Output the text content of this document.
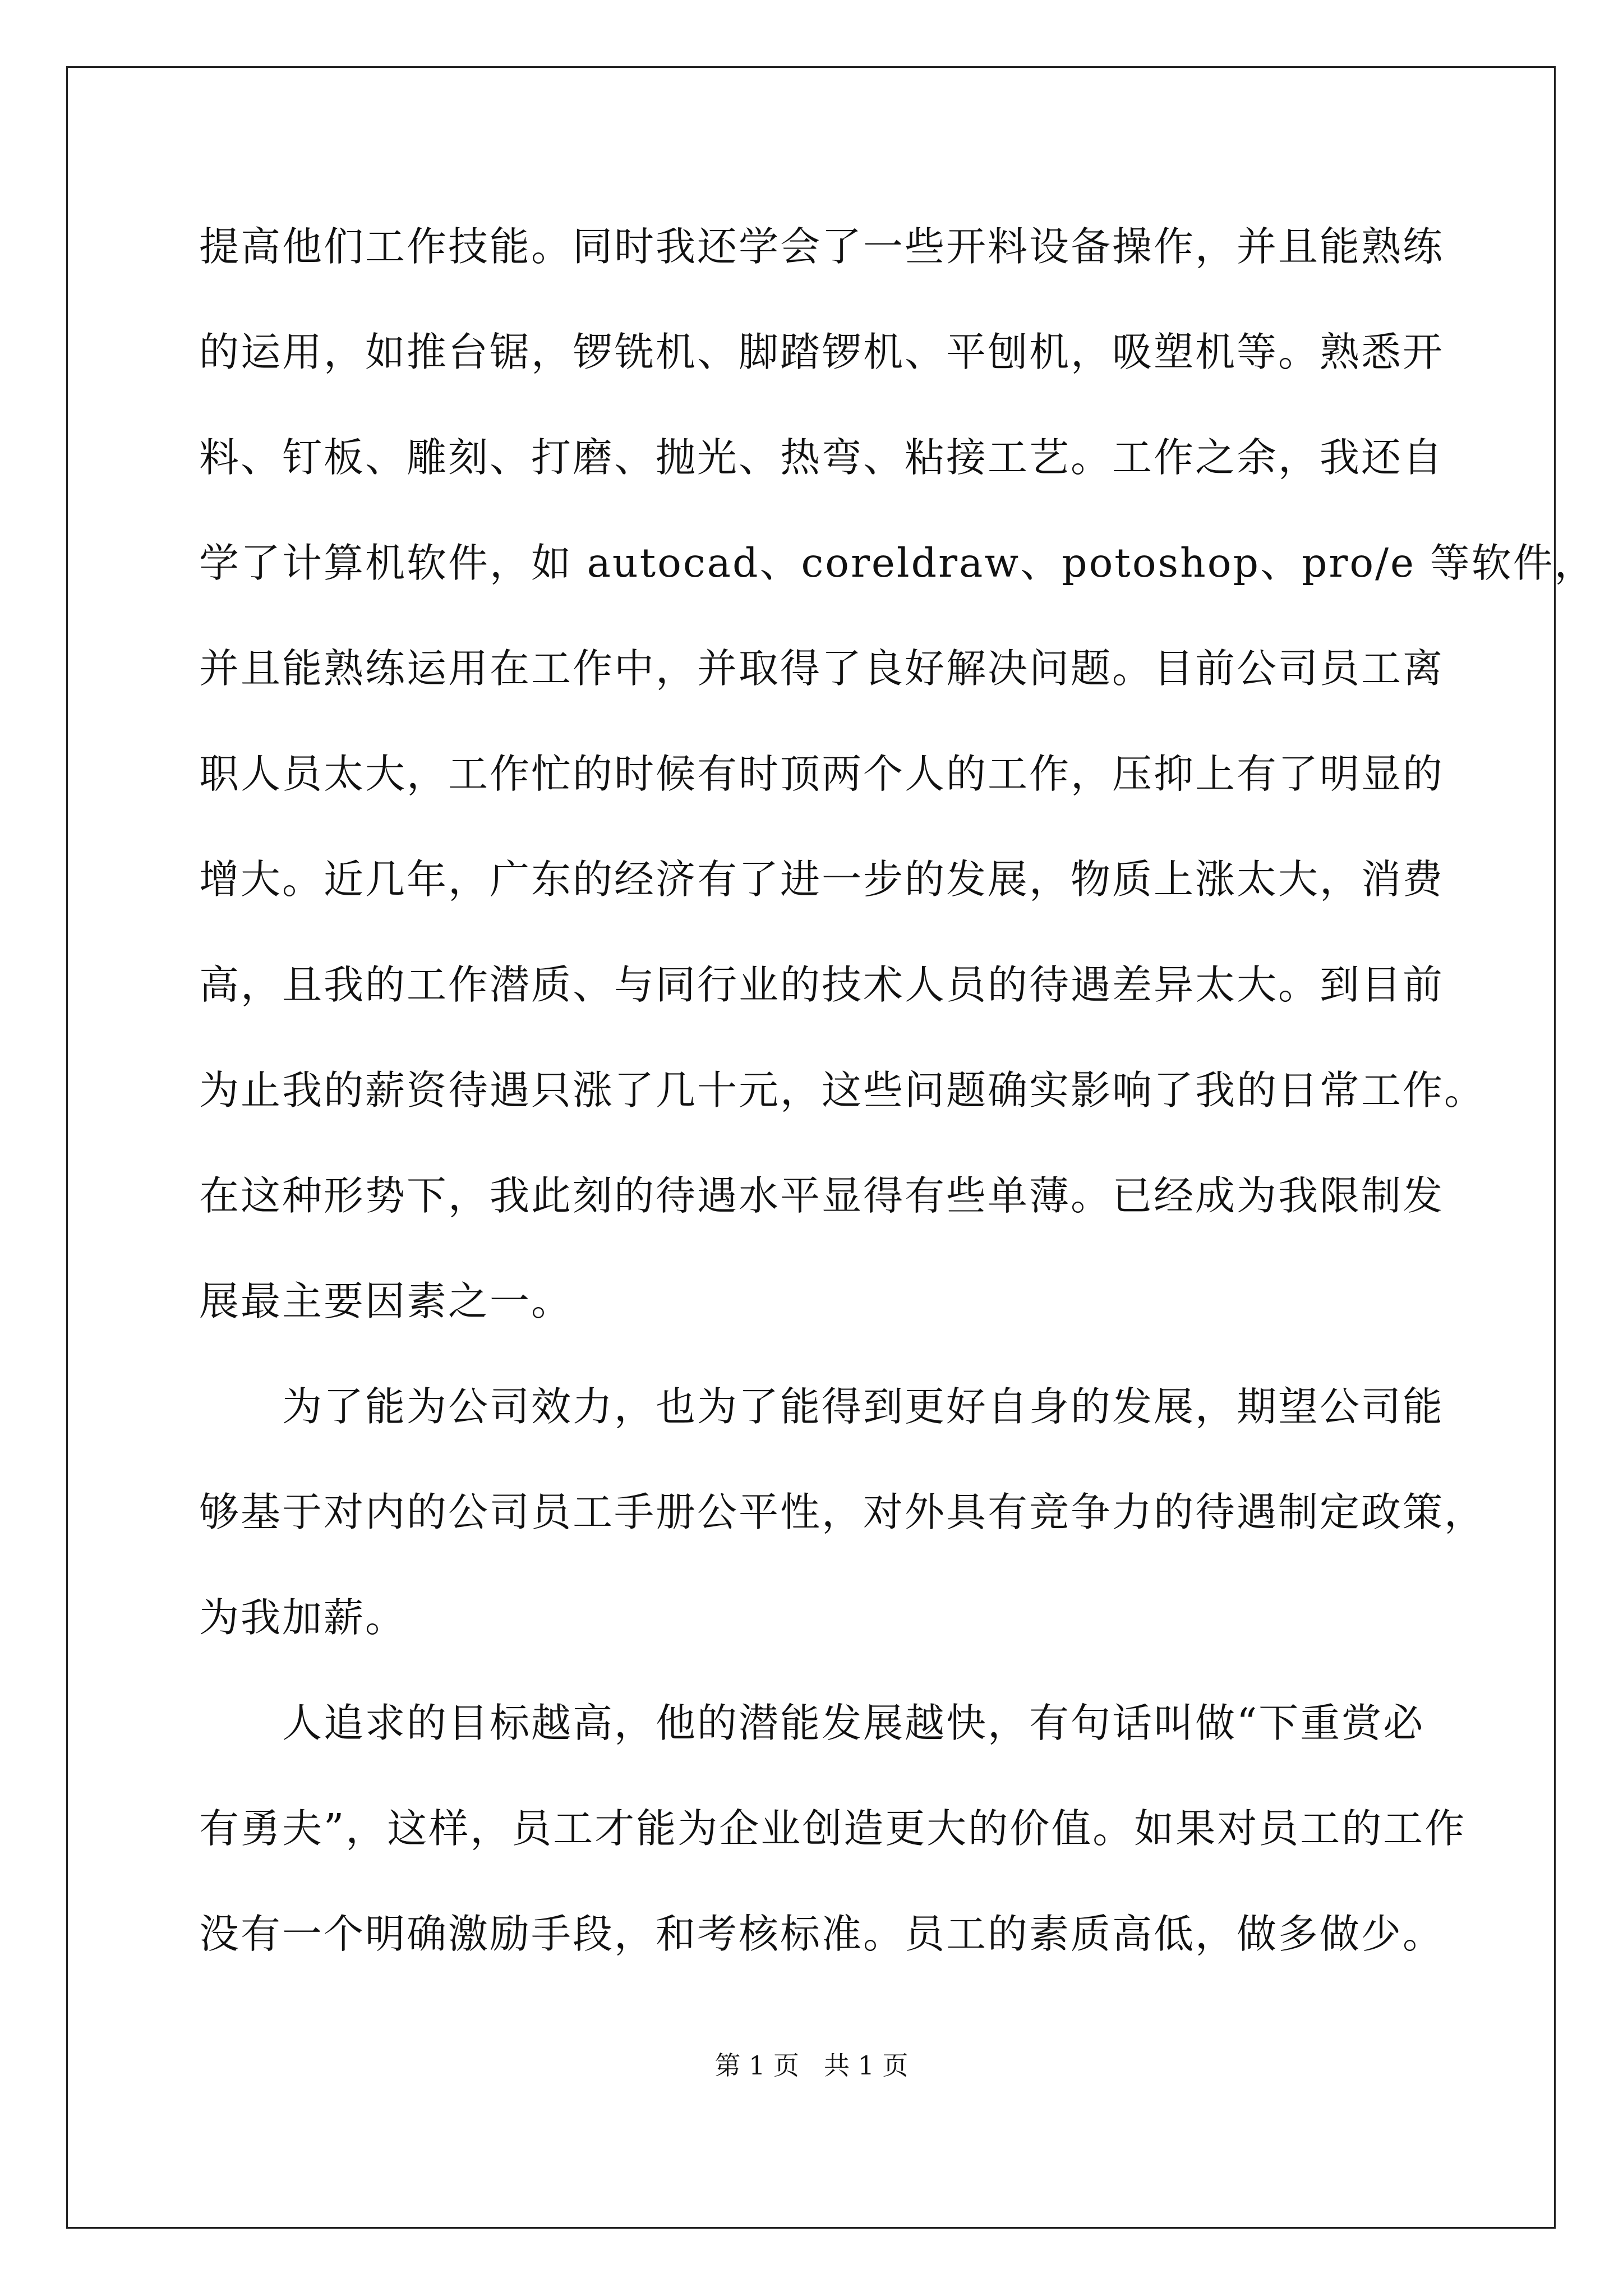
提高他们工作技能。同时我还学会了一些开料设备操作，并且能熟练
的运用，如推台锯，锣铣机、脚踏锣机、平刨机，吸塑机等。熟悉开
料、钉板、雕刻、打磨、抛光、热弯、粘接工艺。工作之余，我还自
学了计算机软件，如 autocad、coreldraw、potoshop、pro/e 等软件，
并且能熟练运用在工作中，并取得了良好解决问题。目前公司员工离
职人员太大，工作忙的时候有时顶两个人的工作，压抑上有了明显的
增大。近几年，广东的经济有了进一步的发展，物质上涨太大，消费
高，且我的工作潜质、与同行业的技术人员的待遇差异太大。到目前
为止我的薪资待遇只涨了几十元，这些问题确实影响了我的日常工作。
在这种形势下，我此刻的待遇水平显得有些单薄。已经成为我限制发
展最主要因素之一。
为了能为公司效力，也为了能得到更好自身的发展，期望公司能
够基于对内的公司员工手册公平性，对外具有竞争力的待遇制定政策，
为我加薪。
人追求的目标越高，他的潜能发展越快，有句话叫做“下重赏必
有勇夫”，这样，员工才能为企业创造更大的价值。如果对员工的工作
没有一个明确激励手段，和考核标准。员工的素质高低，做多做少。
第 1 页 共 1 页
